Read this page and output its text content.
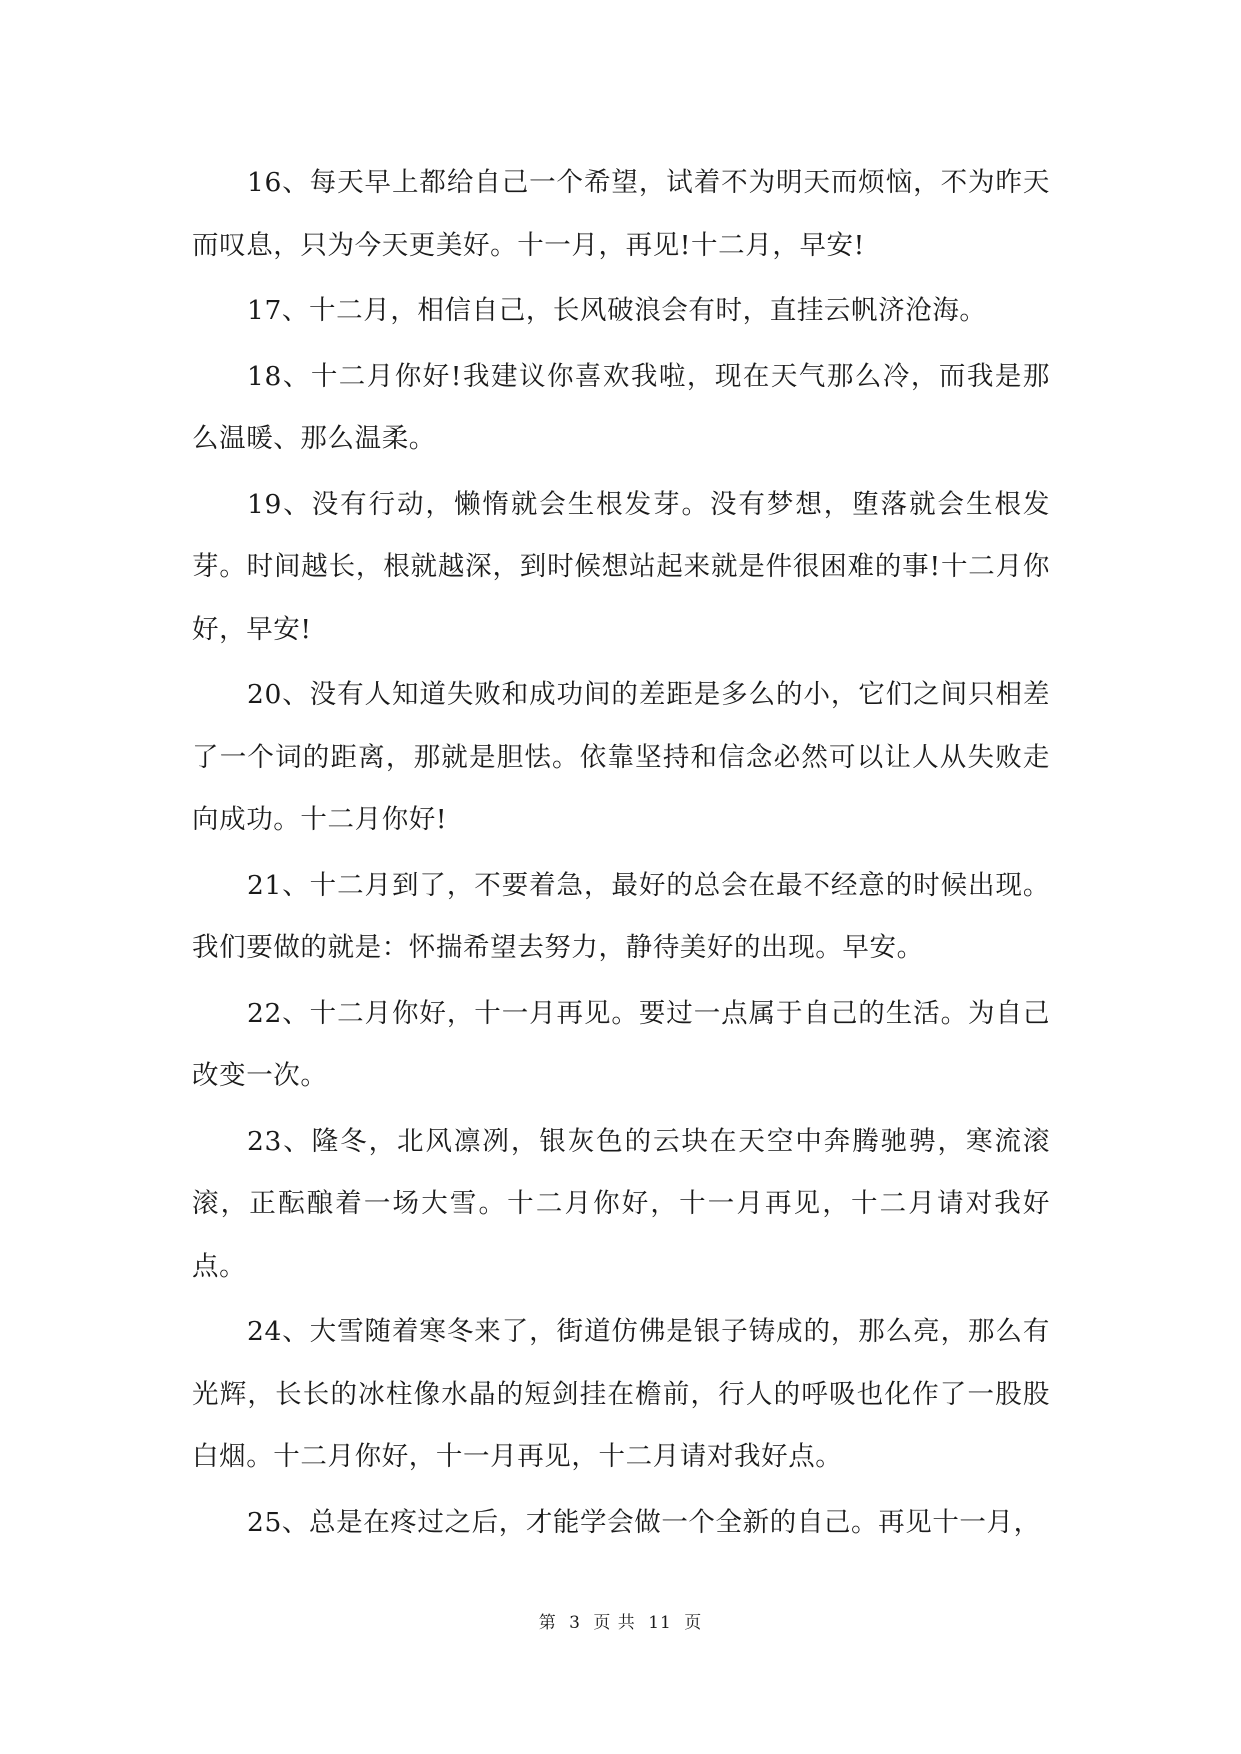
16、每天早上都给自己一个希望，试着不为明天而烦恼，不为昨天而叹息，只为今天更美好。十一月，再见!十二月，早安!

17、十二月，相信自己，长风破浪会有时，直挂云帆济沧海。

18、十二月你好!我建议你喜欢我啦，现在天气那么冷，而我是那么温暖、那么温柔。

19、没有行动，懒惰就会生根发芽。没有梦想，堕落就会生根发芽。时间越长，根就越深，到时候想站起来就是件很困难的事!十二月你好，早安!

20、没有人知道失败和成功间的差距是多么的小，它们之间只相差了一个词的距离，那就是胆怯。依靠坚持和信念必然可以让人从失败走向成功。十二月你好!

21、十二月到了，不要着急，最好的总会在最不经意的时候出现。我们要做的就是：怀揣希望去努力，静待美好的出现。早安。

22、十二月你好，十一月再见。要过一点属于自己的生活。为自己改变一次。

23、隆冬，北风凛冽，银灰色的云块在天空中奔腾驰骋，寒流滚滚，正酝酿着一场大雪。十二月你好，十一月再见，十二月请对我好点。

24、大雪随着寒冬来了，街道仿佛是银子铸成的，那么亮，那么有光辉，长长的冰柱像水晶的短剑挂在檐前，行人的呼吸也化作了一股股白烟。十二月你好，十一月再见，十二月请对我好点。

25、总是在疼过之后，才能学会做一个全新的自己。再见十一月，

第 3 页 共 11 页
